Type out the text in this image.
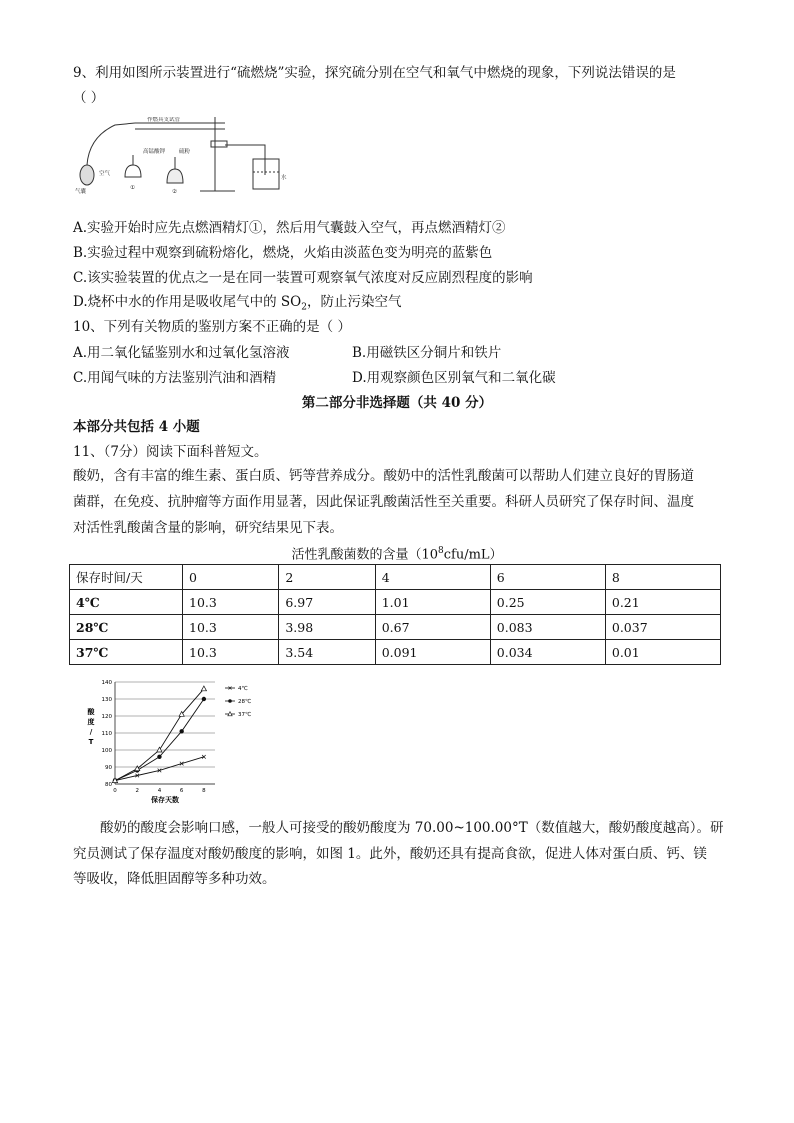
9、利用如图所示装置进行“硫燃烧”实验，探究硫分别在空气和氧气中燃烧的现象，下列说法错误的是
（ ）
作燃具支试管
气囊
空气
①
②
高锰酸钾	硫粉
水
A.实验开始时应先点燃酒精灯①，然后用气囊鼓入空气，再点燃酒精灯②
B.实验过程中观察到硫粉熔化，燃烧，火焰由淡蓝色变为明亮的蓝紫色
C.该实验装置的优点之一是在同一装置可观察氧气浓度对反应剧烈程度的影响
D.烧杯中水的作用是吸收尾气中的 $SO_2$，防止污染空气
10、下列有关物质的鉴别方案不正确的是（ ）
A.用二氧化锰鉴别水和过氧化氢溶液	B.用磁铁区分铜片和铁片
C.用闻气味的方法鉴别汽油和酒精	D.用观察颜色区别氧气和二氧化碳
第二部分非选择题（共 40 分）
本部分共包括 4 小题
11、（7分）阅读下面科普短文。
酸奶，含有丰富的维生素、蛋白质、钙等营养成分。酸奶中的活性乳酸菌可以帮助人们建立良好的胃肠道
菌群，在免疫、抗肿瘤等方面作用显著，因此保证乳酸菌活性至关重要。科研人员研究了保存时间、温度
对活性乳酸菌含量的影响，研究结果见下表。
活性乳酸菌数的含量$(10^8cfu/mL)$
保存时间/天	0	2	4	6	8
4℃	10.3	6.97	1.01	0.25	0.21
28℃	10.3	3.98	0.67	0.083	0.037
37℃	10.3	3.54	0.091	0.034	0.01
80
90
100
110
120
130
140
0	2	4	6	8
保存天数
酸
度
/
T
4℃
28℃
37℃
酸奶的酸度会影响口感，一般人可接受的酸奶酸度为 70.00~100.00°T（数值越大，酸奶酸度越高）。研
究员测试了保存温度对酸奶酸度的影响，如图 1。此外，酸奶还具有提高食欲，促进人体对蛋白质、钙、镁
等吸收，降低胆固醇等多种功效。
